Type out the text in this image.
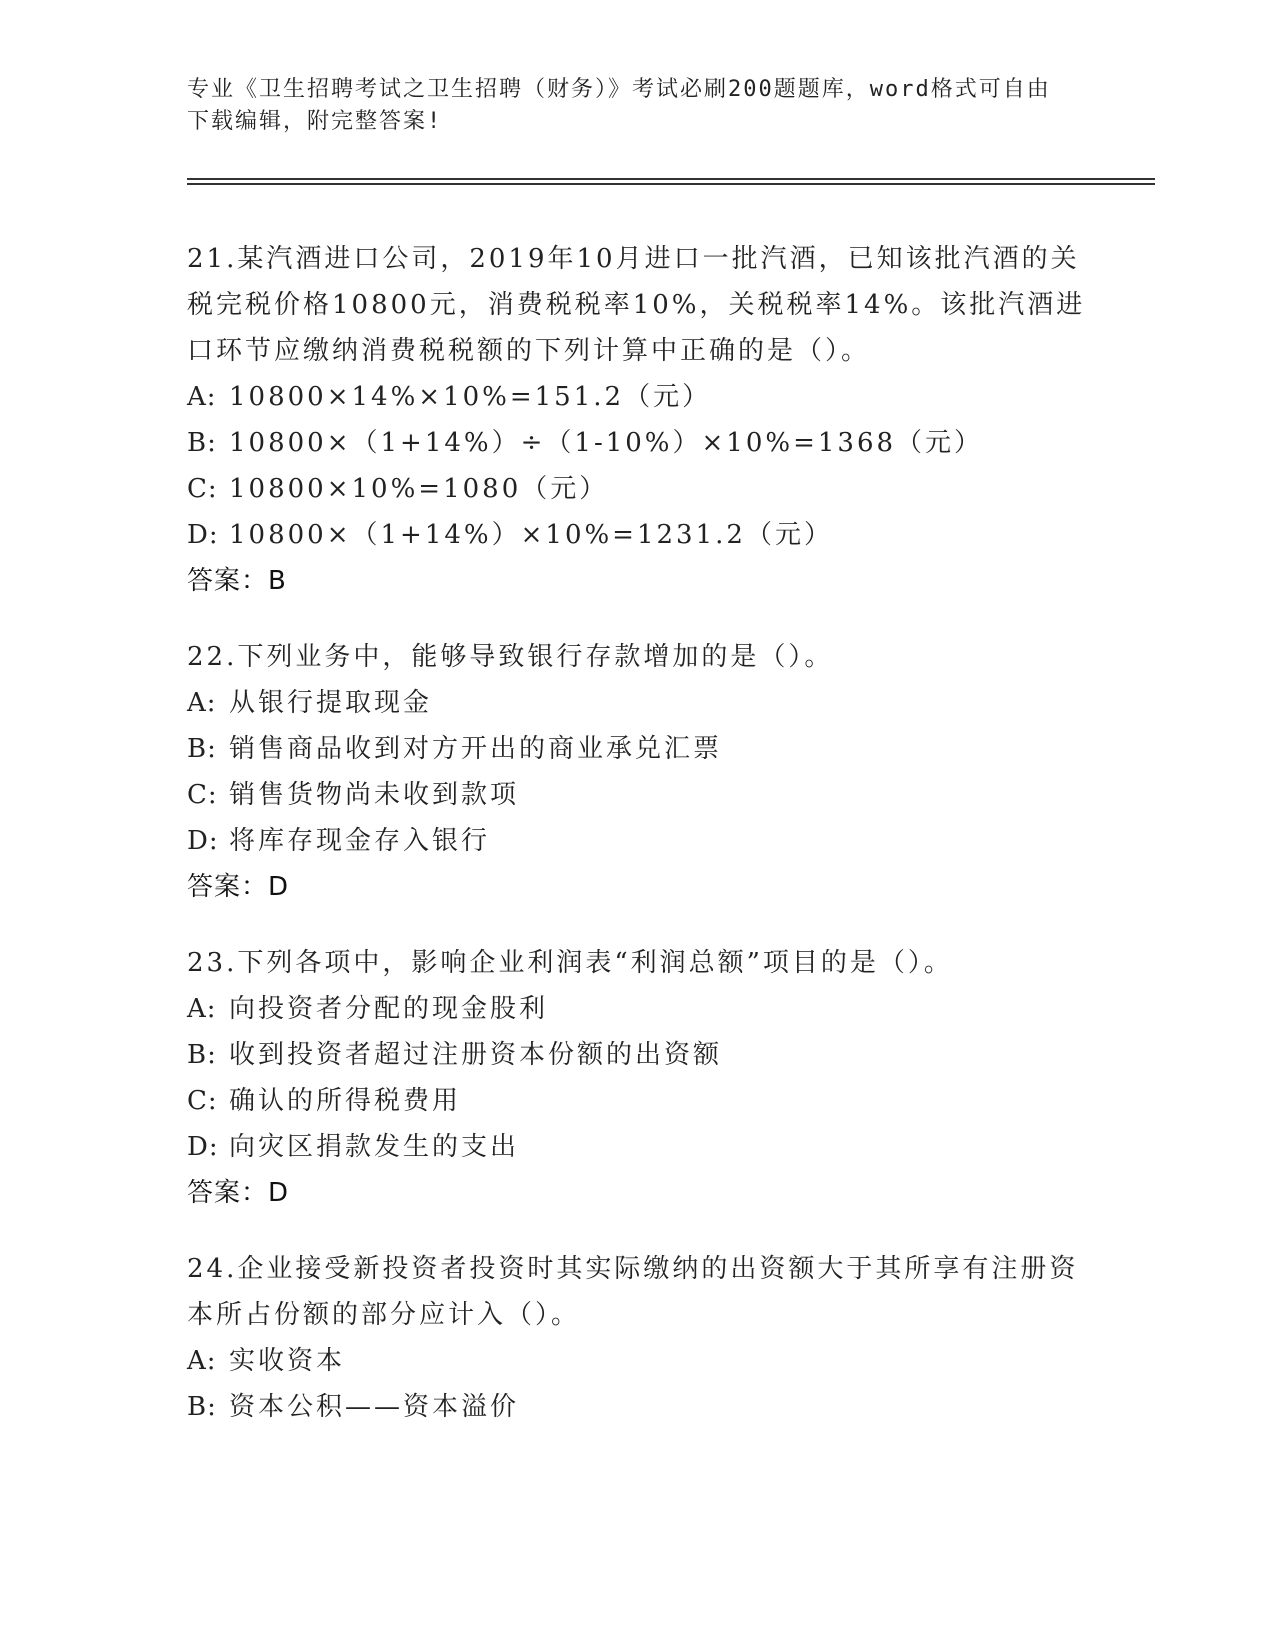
专业《卫生招聘考试之卫生招聘（财务）》考试必刷200题题库，word格式可自由下载编辑，附完整答案!
21.某汽酒进口公司，2019年10月进口一批汽酒，已知该批汽酒的关税完税价格10800元，消费税税率10%，关税税率14%。该批汽酒进口环节应缴纳消费税税额的下列计算中正确的是（）。
A: 10800×14%×10%=151.2（元）
B: 10800×（1+14%）÷（1-10%）×10%=1368（元）
C: 10800×10%=1080（元）
D: 10800×（1+14%）×10%=1231.2（元）
答案：B
22.下列业务中，能够导致银行存款增加的是（）。
A: 从银行提取现金
B: 销售商品收到对方开出的商业承兑汇票
C: 销售货物尚未收到款项
D: 将库存现金存入银行
答案：D
23.下列各项中，影响企业利润表“利润总额”项目的是（）。
A: 向投资者分配的现金股利
B: 收到投资者超过注册资本份额的出资额
C: 确认的所得税费用
D: 向灾区捐款发生的支出
答案：D
24.企业接受新投资者投资时其实际缴纳的出资额大于其所享有注册资本所占份额的部分应计入（）。
A: 实收资本
B: 资本公积——资本溢价
